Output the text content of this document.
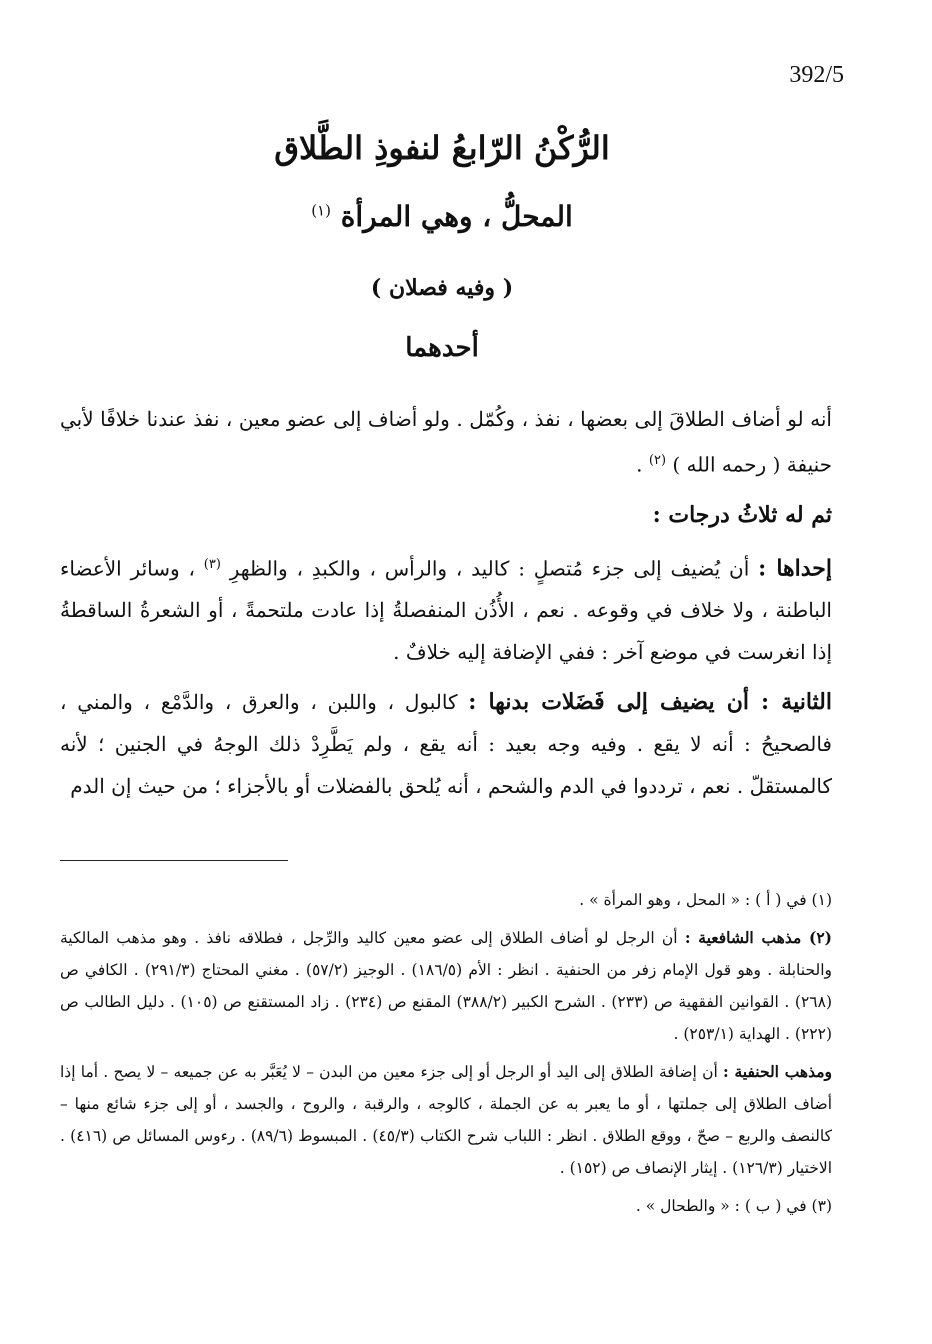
392/5
الرُّكْنُ الرّابعُ لنفوذِ الطَّلاق
المحلُّ ، وهي المرأة $^{(١)}$
( وفيه فصلان )
أحدهما

أنه لو أضاف الطلاقَ إلى بعضها ، نفذ ، وكُمّل . ولو أضاف إلى عضو معين ، نفذ عندنا خلافًا لأبي حنيفة ( رحمه الله ) $^{(٢)}$ .

ثم له ثلاثُ درجات :

إحداها : أن يُضيف إلى جزء مُتصلٍ : كاليد ، والرأس ، والكبدِ ، والظهرِ $^{(٣)}$ ، وسائر الأعضاء الباطنة ، ولا خلاف في وقوعه . نعم ، الأُذُن المنفصلةُ إذا عادت ملتحمةً ، أو الشعرةُ الساقطةُ إذا انغرست في موضع آخر : ففي الإضافة إليه خلافٌ .

الثانية : أن يضيف إلى فَضَلات بدنها : كالبول ، واللبن ، والعرق ، والدَّمْع ، والمني ، فالصحيحُ : أنه لا يقع . وفيه وجه بعيد : أنه يقع ، ولم يَطَّرِدْ ذلك الوجهُ في الجنين ؛ لأنه كالمستقلّ . نعم ، ترددوا في الدم والشحم ، أنه يُلحق بالفضلات أو بالأجزاء ؛ من حيث إن الدم

(١) في ( أ ) : « المحل ، وهو المرأة » .

(٢) مذهب الشافعية : أن الرجل لو أضاف الطلاق إلى عضو معين كاليد والرِّجل ، فطلاقه نافذ . وهو مذهب المالكية والحنابلة . وهو قول الإمام زفر من الحنفية . انظر : الأم (١٨٦/٥) . الوجيز (٥٧/٢) . مغني المحتاج (٢٩١/٣) . الكافي ص (٢٦٨) . القوانين الفقهية ص (٢٣٣) . الشرح الكبير (٣٨٨/٢) المقنع ص (٢٣٤) . زاد المستقنع ص (١٠٥) . دليل الطالب ص (٢٢٢) . الهداية (٢٥٣/١) .

ومذهب الحنفية : أن إضافة الطلاق إلى اليد أو الرجل أو إلى جزء معين من البدن – لا يُعَبَّر به عن جميعه – لا يصح . أما إذا أضاف الطلاق إلى جملتها ، أو ما يعبر به عن الجملة ، كالوجه ، والرقبة ، والروح ، والجسد ، أو إلى جزء شائع منها – كالنصف والربع – صحّ ، ووقع الطلاق . انظر : اللباب شرح الكتاب (٤٥/٣) . المبسوط (٨٩/٦) . رءوس المسائل ص (٤١٦) . الاختيار (١٢٦/٣) . إيثار الإنصاف ص (١٥٢) .

(٣) في ( ب ) : « والطحال » .
